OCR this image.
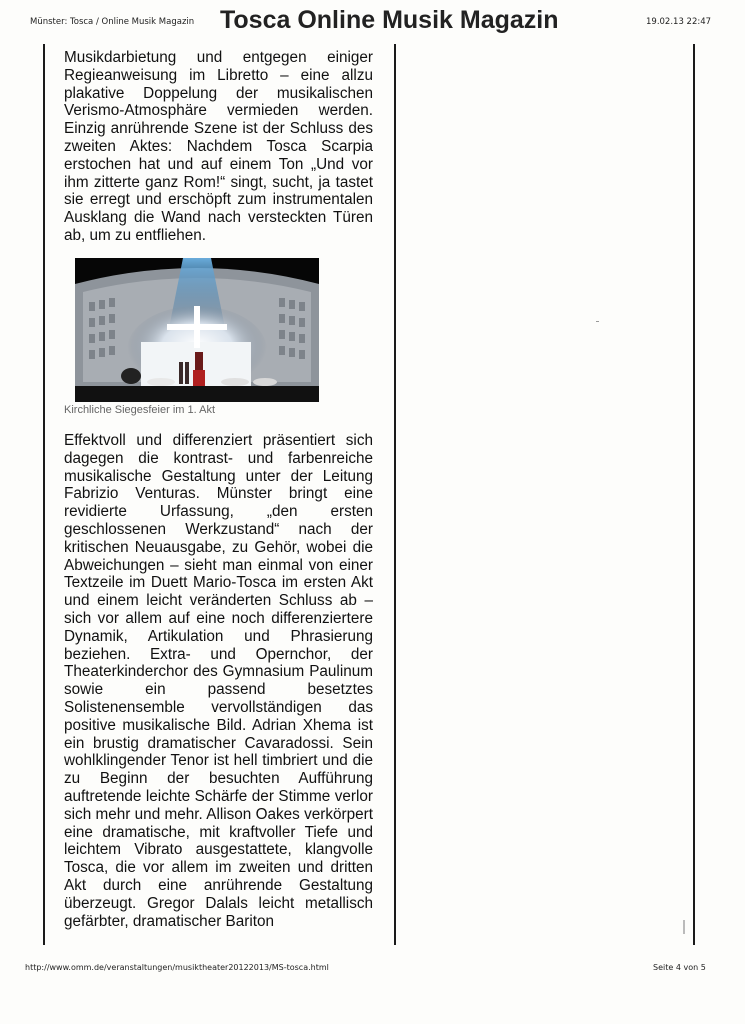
Münster: Tosca / Online Musik Magazin Tosca Online Musik Magazin	19.02.13 22:47
Musikdarbietung und entgegen einiger Regieanweisung im Libretto – eine allzu plakative Doppelung der musikalischen Verismo-Atmosphäre vermieden werden. Einzig anrührende Szene ist der Schluss des zweiten Aktes: Nachdem Tosca Scarpia erstochen hat und auf einem Ton „Und vor ihm zitterte ganz Rom!“ singt, sucht, ja tastet sie erregt und erschöpft zum instrumentalen Ausklang die Wand nach versteckten Türen ab, um zu entfliehen.
Kirchliche Siegesfeier im 1. Akt
Effektvoll und differenziert präsentiert sich dagegen die kontrast- und farbenreiche musikalische Gestaltung unter der Leitung Fabrizio Venturas. Münster bringt eine revidierte Urfassung, „den ersten geschlossenen Werkzustand“ nach der kritischen Neuausgabe, zu Gehör, wobei die Abweichungen – sieht man einmal von einer Textzeile im Duett Mario-Tosca im ersten Akt und einem leicht veränderten Schluss ab – sich vor allem auf eine noch differenziertere Dynamik, Artikulation und Phrasierung beziehen. Extra- und Opernchor, der Theaterkinderchor des Gymnasium Paulinum sowie ein passend besetztes Solistenensemble vervollständigen das positive musikalische Bild. Adrian Xhema ist ein brustig dramatischer Cavaradossi. Sein wohlklingender Tenor ist hell timbriert und die zu Beginn der besuchten Aufführung auftretende leichte Schärfe der Stimme verlor sich mehr und mehr. Allison Oakes verkörpert eine dramatische, mit kraftvoller Tiefe und leichtem Vibrato ausgestattete, klangvolle Tosca, die vor allem im zweiten und dritten Akt durch eine anrührende Gestaltung überzeugt. Gregor Dalals leicht metallisch gefärbter, dramatischer Bariton
http://www.omm.de/veranstaltungen/musiktheater20122013/MS-tosca.html	Seite 4 von 5
